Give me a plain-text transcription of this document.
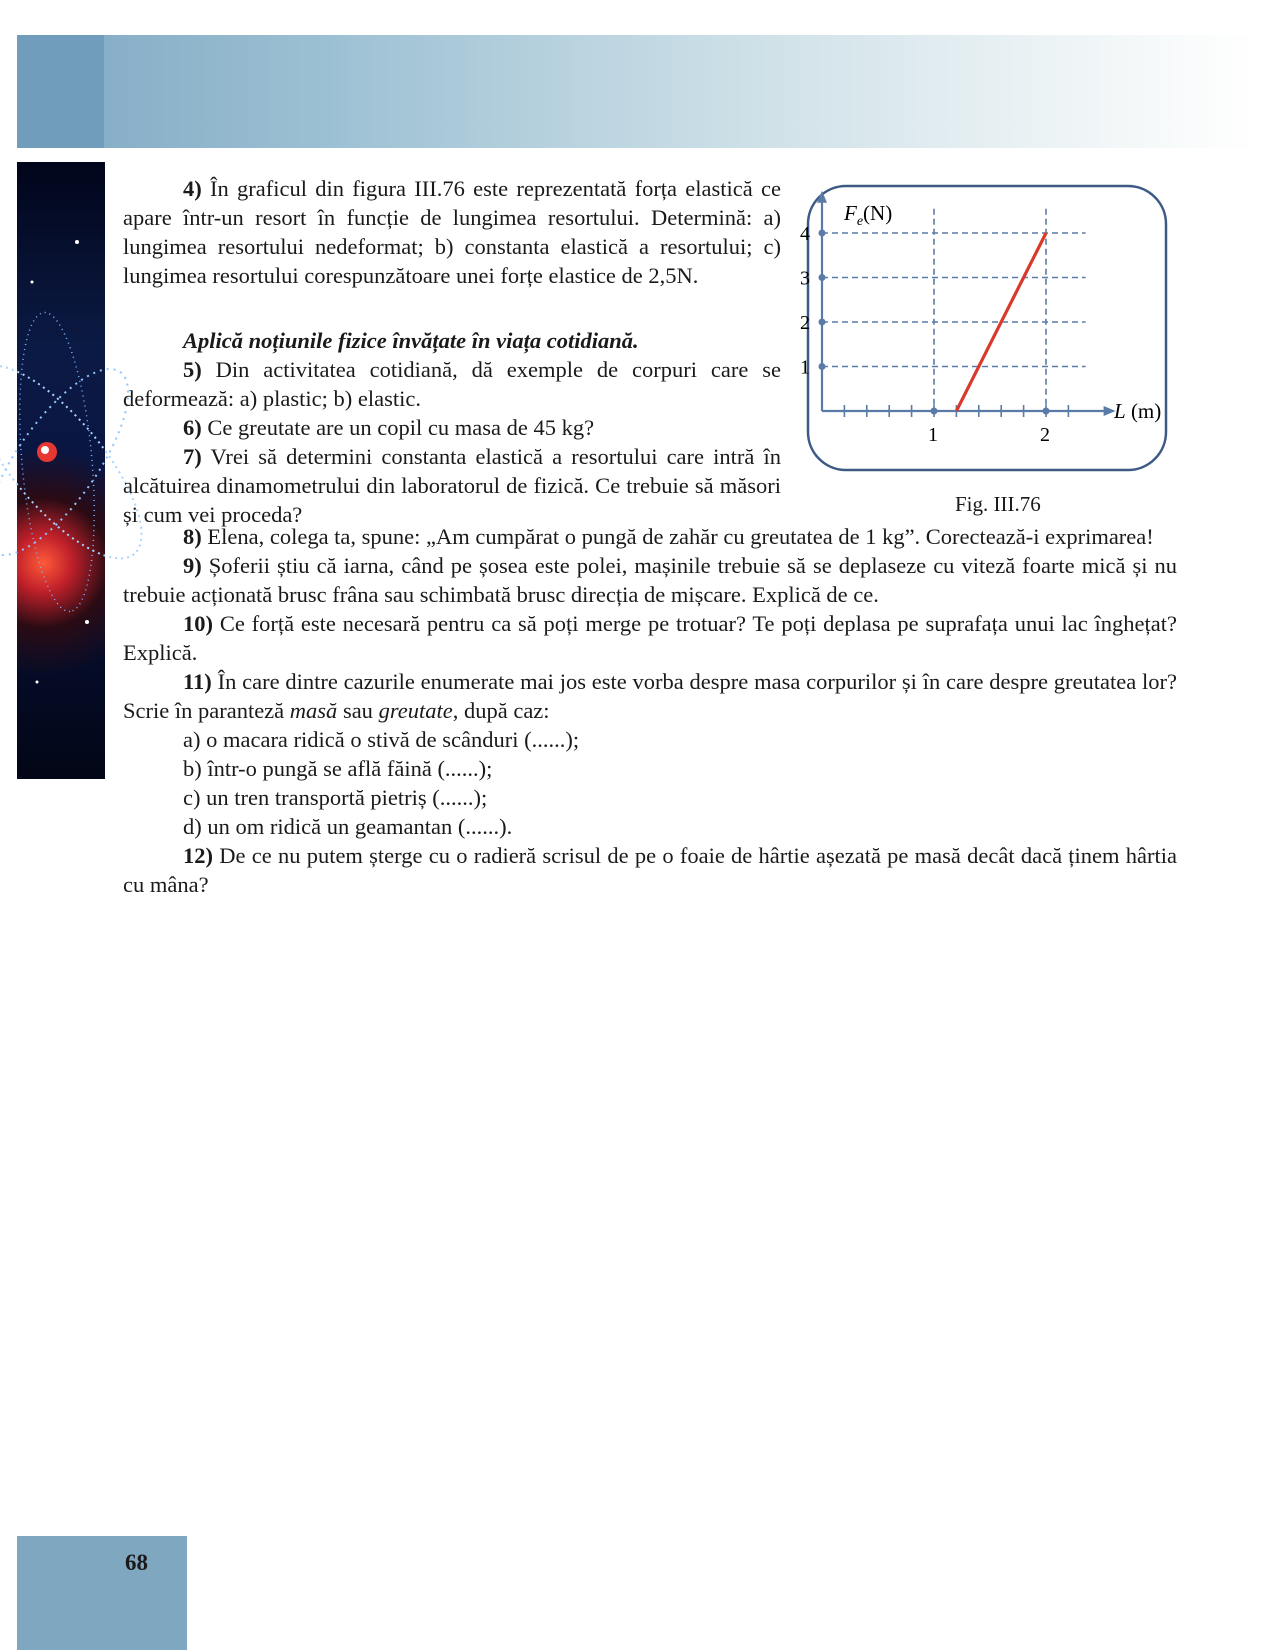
4) În graficul din figura III.76 este reprezentată forța elastică ce apare într-un resort în funcție de lungimea resortului. Determină: a) lungimea resortului nedeformat; b) constanta elastică a resortului; c) lungimea resortului corespunzătoare unei forțe elastice de 2,5N.

Aplică noțiunile fizice învățate în viața cotidiană.

5) Din activitatea cotidiană, dă exemple de corpuri care se deformează: a) plastic; b) elastic.

6) Ce greutate are un copil cu masa de 45 kg?

7) Vrei să determini constanta elastică a resortului care intră în alcătuirea dinamometrului din laboratorul de fizică. Ce trebuie să măsori și cum vei proceda?

1
2
3
4
1	2
$F_e(N)$
L (m)
Fig. III.76

8) Elena, colega ta, spune: „Am cumpărat o pungă de zahăr cu greutatea de 1 kg”. Corectează-i exprimarea!

9) Șoferii știu că iarna, când pe șosea este polei, mașinile trebuie să se deplaseze cu viteză foarte mică și nu trebuie acționată brusc frâna sau schimbată brusc direcția de mișcare. Explică de ce.

10) Ce forță este necesară pentru ca să poți merge pe trotuar? Te poți deplasa pe suprafața unui lac înghețat? Explică.

11) În care dintre cazurile enumerate mai jos este vorba despre masa corpurilor și în care despre greutatea lor? Scrie în paranteză masă sau greutate, după caz:

a) o macara ridică o stivă de scânduri (......);

b) într-o pungă se află făină (......);

c) un tren transportă pietriș (......);

d) un om ridică un geamantan (......).

12) De ce nu putem șterge cu o radieră scrisul de pe o foaie de hârtie așezată pe masă decât dacă ținem hârtia cu mâna?

68
